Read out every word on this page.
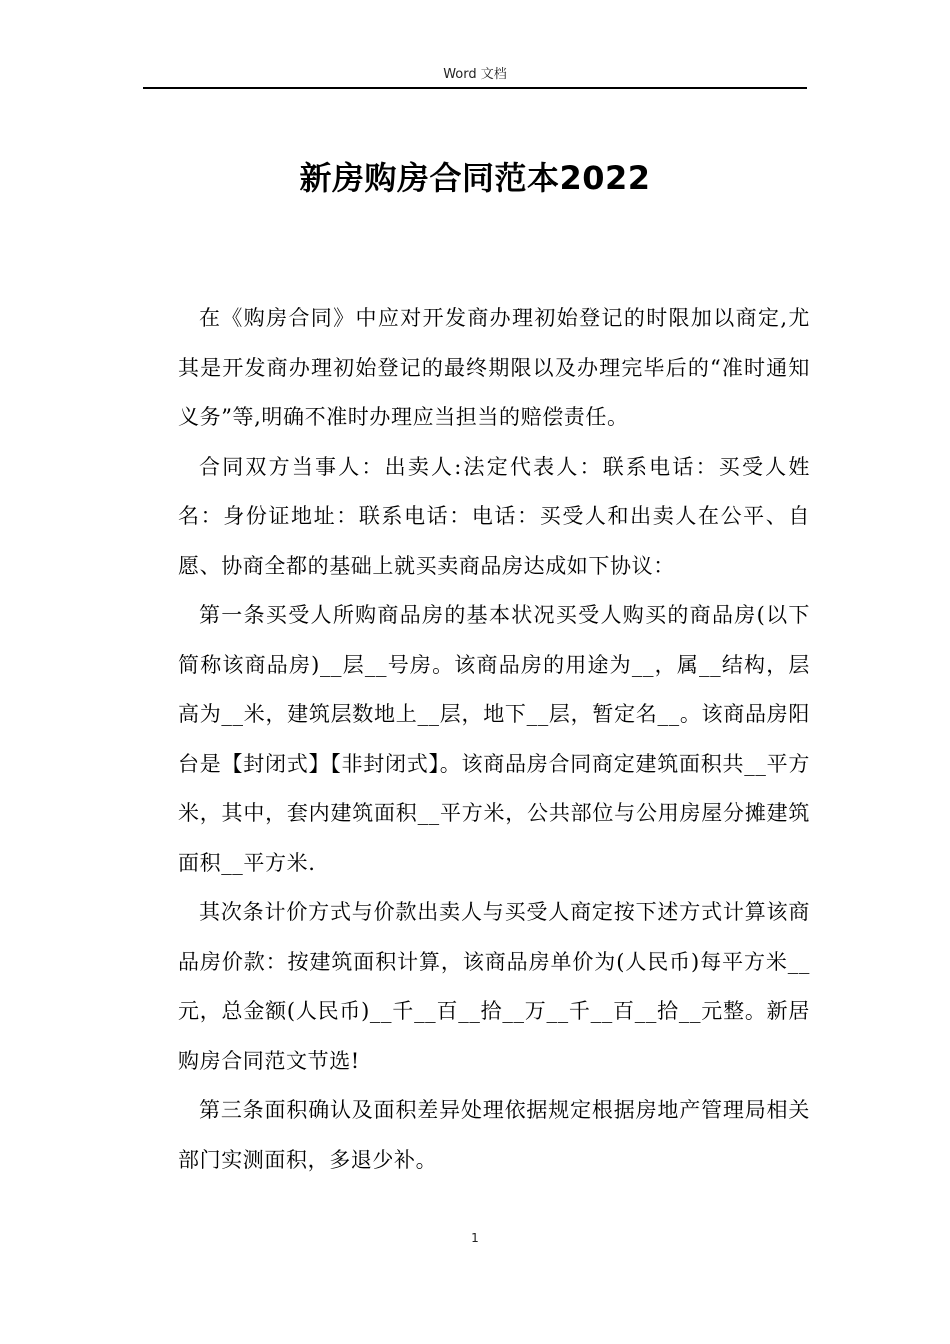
Word 文档
新房购房合同范本2022

在《购房合同》中应对开发商办理初始登记的时限加以商定,尤其是开发商办理初始登记的最终期限以及办理完毕后的“准时通知义务”等,明确不准时办理应当担当的赔偿责任。

合同双方当事人：出卖人:法定代表人：联系电话：买受人姓名：身份证地址：联系电话：电话：买受人和出卖人在公平、自愿、协商全都的基础上就买卖商品房达成如下协议：

第一条买受人所购商品房的基本状况买受人购买的商品房(以下简称该商品房)__层__号房。该商品房的用途为__，属__结构，层高为__米，建筑层数地上__层，地下__层，暂定名__。该商品房阳台是【封闭式】【非封闭式】。该商品房合同商定建筑面积共__平方米，其中，套内建筑面积__平方米，公共部位与公用房屋分摊建筑面积__平方米.

其次条计价方式与价款出卖人与买受人商定按下述方式计算该商品房价款：按建筑面积计算，该商品房单价为(人民币)每平方米__元，总金额(人民币)__千__百__拾__万__千__百__拾__元整。新居购房合同范文节选!

第三条面积确认及面积差异处理依据规定根据房地产管理局相关部门实测面积，多退少补。

1
